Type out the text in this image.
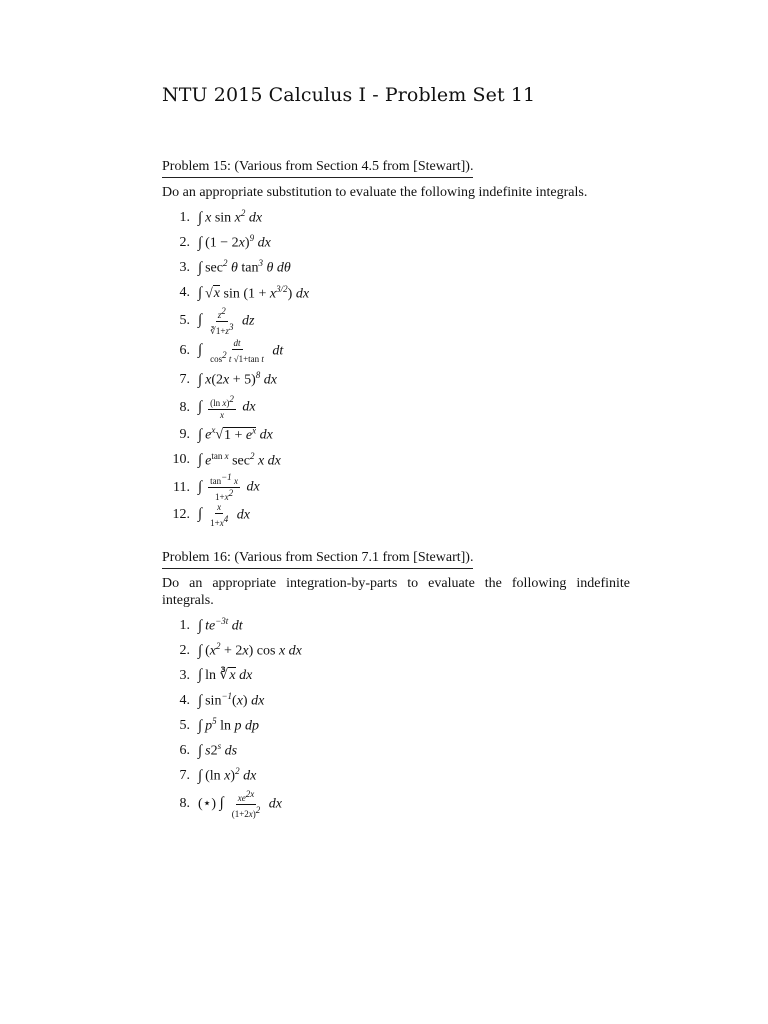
NTU 2015 Calculus I - Problem Set 11
Problem 15: (Various from Section 4.5 from [Stewart]).
Do an appropriate substitution to evaluate the following indefinite integrals.
1. ∫ x $\sin x^2$ dx
2. ∫ $(1 - 2x)^9$ dx
3. ∫ $\sec^2 \theta$ $\tan^3 \theta$ dθ
4. ∫ √x $\sin (1 + x^{3/2})$ dx
5. ∫ $\frac{z^2}{∛1+z^3}$ dz
6. ∫ $\frac{dt}{\cos^2 t √1+\tan t}$ dt
7. ∫ $x(2x + 5)^8$ dx
8. ∫ $\frac{(\ln x)^2}{x}$ dx
9. ∫ $e^x√1 + e^x$ dx
10. ∫ $e^{tan x}$ $\sec^2 x$ dx
11. ∫ $\frac{\tan^{-1} x}{1+x^2}$ dx
12. ∫ $\frac{x}{1+x^4}$ dx
Problem 16: (Various from Section 7.1 from [Stewart]).
Do an appropriate integration-by-parts to evaluate the following indefinite integrals.
1. ∫ $te^{-3t}$ dt
2. ∫ $(x^2 + 2x)$ cos x dx
3. ∫ ln ∛x dx
4. ∫ $\sin^{-1}(x)$ dx
5. ∫ $p^5$ ln p dp
6. ∫ s2$^s$ ds
7. ∫ (ln x)$^2$ dx
8. (⋆) ∫ $\frac{xe^{2x}}{(1+2x)^2}$ dx
